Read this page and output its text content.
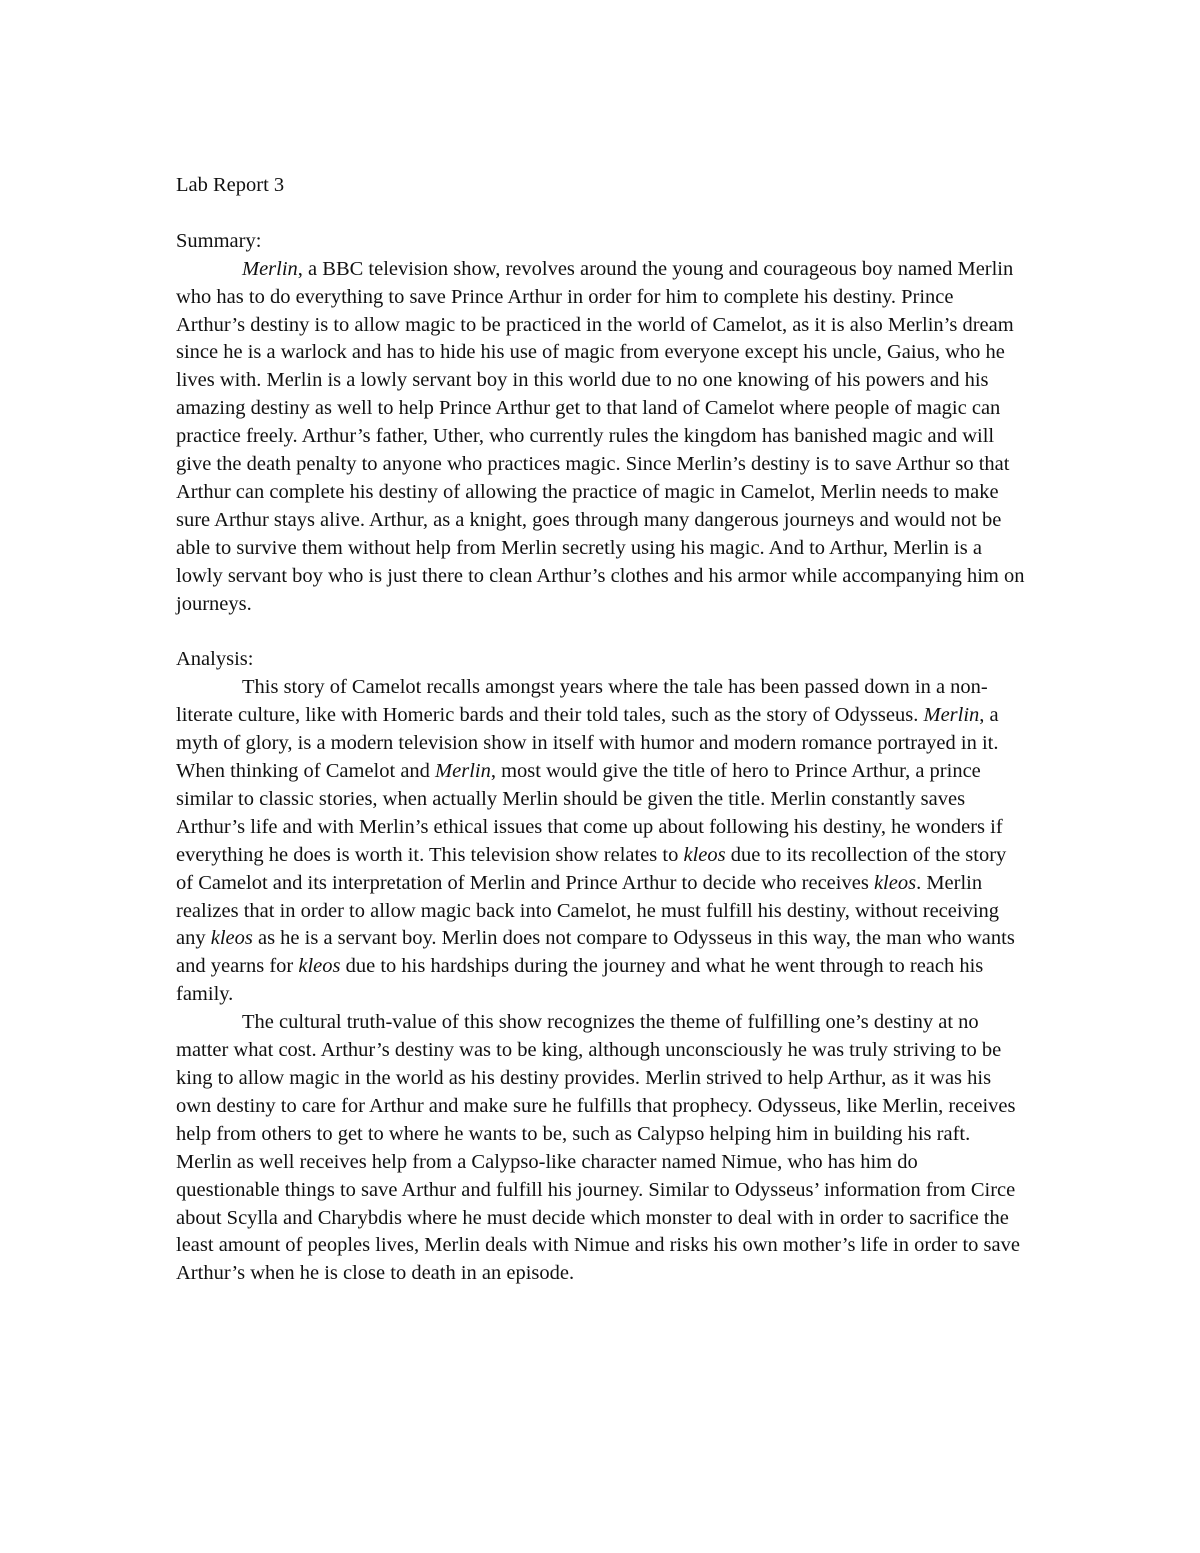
Lab Report 3
Summary:

Merlin, a BBC television show, revolves around the young and courageous boy named Merlin who has to do everything to save Prince Arthur in order for him to complete his destiny. Prince Arthur’s destiny is to allow magic to be practiced in the world of Camelot, as it is also Merlin’s dream since he is a warlock and has to hide his use of magic from everyone except his uncle, Gaius, who he lives with. Merlin is a lowly servant boy in this world due to no one knowing of his powers and his amazing destiny as well to help Prince Arthur get to that land of Camelot where people of magic can practice freely. Arthur’s father, Uther, who currently rules the kingdom has banished magic and will give the death penalty to anyone who practices magic. Since Merlin’s destiny is to save Arthur so that Arthur can complete his destiny of allowing the practice of magic in Camelot, Merlin needs to make sure Arthur stays alive. Arthur, as a knight, goes through many dangerous journeys and would not be able to survive them without help from Merlin secretly using his magic. And to Arthur, Merlin is a lowly servant boy who is just there to clean Arthur’s clothes and his armor while accompanying him on journeys.

Analysis:

This story of Camelot recalls amongst years where the tale has been passed down in a non-literate culture, like with Homeric bards and their told tales, such as the story of Odysseus. Merlin, a myth of glory, is a modern television show in itself with humor and modern romance portrayed in it. When thinking of Camelot and Merlin, most would give the title of hero to Prince Arthur, a prince similar to classic stories, when actually Merlin should be given the title. Merlin constantly saves Arthur’s life and with Merlin’s ethical issues that come up about following his destiny, he wonders if everything he does is worth it. This television show relates to kleos due to its recollection of the story of Camelot and its interpretation of Merlin and Prince Arthur to decide who receives kleos. Merlin realizes that in order to allow magic back into Camelot, he must fulfill his destiny, without receiving any kleos as he is a servant boy. Merlin does not compare to Odysseus in this way, the man who wants and yearns for kleos due to his hardships during the journey and what he went through to reach his family.

The cultural truth-value of this show recognizes the theme of fulfilling one’s destiny at no matter what cost. Arthur’s destiny was to be king, although unconsciously he was truly striving to be king to allow magic in the world as his destiny provides. Merlin strived to help Arthur, as it was his own destiny to care for Arthur and make sure he fulfills that prophecy. Odysseus, like Merlin, receives help from others to get to where he wants to be, such as Calypso helping him in building his raft. Merlin as well receives help from a Calypso-like character named Nimue, who has him do questionable things to save Arthur and fulfill his journey. Similar to Odysseus’ information from Circe about Scylla and Charybdis where he must decide which monster to deal with in order to sacrifice the least amount of peoples lives, Merlin deals with Nimue and risks his own mother’s life in order to save Arthur’s when he is close to death in an episode.
